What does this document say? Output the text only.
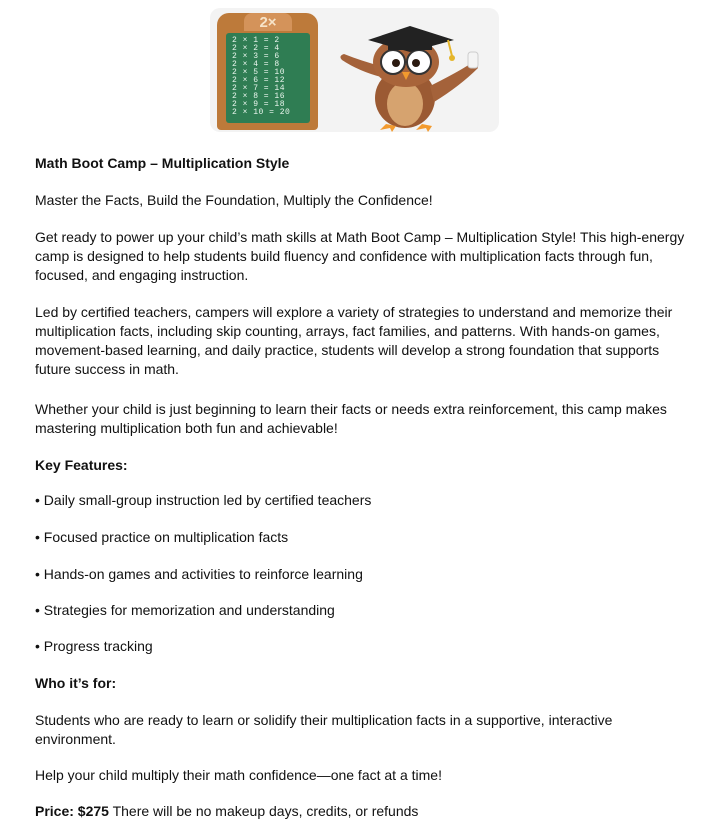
2×
2 × 1 = 2
2 × 2 = 4
2 × 3 = 6
2 × 4 = 8
2 × 5 = 10
2 × 6 = 12
2 × 7 = 14
2 × 8 = 16
2 × 9 = 18
2 × 10 = 20

Math Boot Camp – Multiplication Style

Master the Facts, Build the Foundation, Multiply the Confidence!

Get ready to power up your child’s math skills at Math Boot Camp – Multiplication Style! This high-energy camp is designed to help students build fluency and confidence with multiplication facts through fun, focused, and engaging instruction.

Led by certified teachers, campers will explore a variety of strategies to understand and memorize their multiplication facts, including skip counting, arrays, fact families, and patterns. With hands-on games, movement-based learning, and daily practice, students will develop a strong foundation that supports future success in math.

Whether your child is just beginning to learn their facts or needs extra reinforcement, this camp makes mastering multiplication both fun and achievable!

Key Features:

• Daily small-group instruction led by certified teachers

• Focused practice on multiplication facts

• Hands-on games and activities to reinforce learning

• Strategies for memorization and understanding

• Progress tracking

Who it’s for:

Students who are ready to learn or solidify their multiplication facts in a supportive, interactive environment.

Help your child multiply their math confidence—one fact at a time!

Price: $275 There will be no makeup days, credits, or refunds
